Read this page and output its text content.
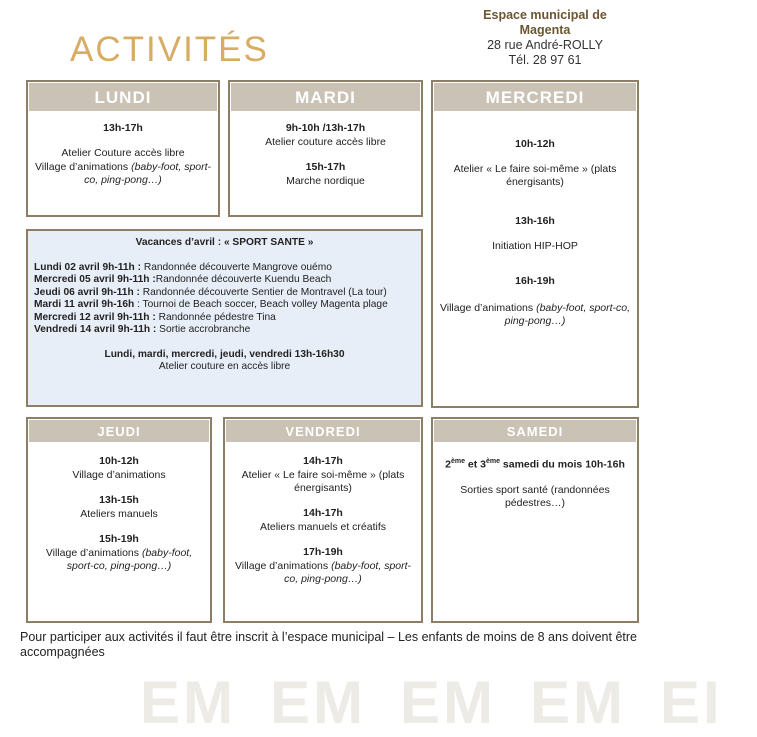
ACTIVITÉS
Espace municipal de Magenta
28 rue André-ROLLY
Tél. 28 97 61
LUNDI
13h-17h
Atelier Couture accès libre
Village d’animations (baby-foot, sport-co, ping-pong…)
MARDI
9h-10h /13h-17h
Atelier couture accès libre
15h-17h
Marche nordique
MERCREDI
10h-12h
Atelier « Le faire soi-même » (plats énergisants)
13h-16h
Initiation HIP-HOP
16h-19h
Village d’animations (baby-foot, sport-co, ping-pong…)
Vacances d’avril : « SPORT SANTE »
Lundi 02 avril 9h-11h : Randonnée découverte Mangrove ouémo
Mercredi 05 avril 9h-11h :Randonnée découverte Kuendu Beach
Jeudi 06 avril 9h-11h : Randonnée découverte Sentier de Montravel (La tour)
Mardi 11 avril 9h-16h : Tournoi de Beach soccer, Beach volley Magenta plage
Mercredi 12 avril 9h-11h : Randonnée pédestre Tina
Vendredi 14 avril 9h-11h : Sortie accrobranche
Lundi, mardi, mercredi, jeudi, vendredi 13h-16h30
Atelier couture en accès libre
JEUDI
10h-12h
Village d’animations
13h-15h
Ateliers manuels
15h-19h
Village d’animations (baby-foot, sport-co, ping-pong…)
VENDREDI
14h-17h
Atelier « Le faire soi-même » (plats énergisants)
14h-17h
Ateliers manuels et créatifs
17h-19h
Village d’animations (baby-foot, sport-co, ping-pong…)
SAMEDI
2ème et 3ème samedi du mois 10h-16h
Sorties sport santé (randonnées pédestres…)
Pour participer aux activités il faut être inscrit à l’espace municipal – Les enfants de moins de 8 ans doivent être accompagnées
EM EM EM EM EI
